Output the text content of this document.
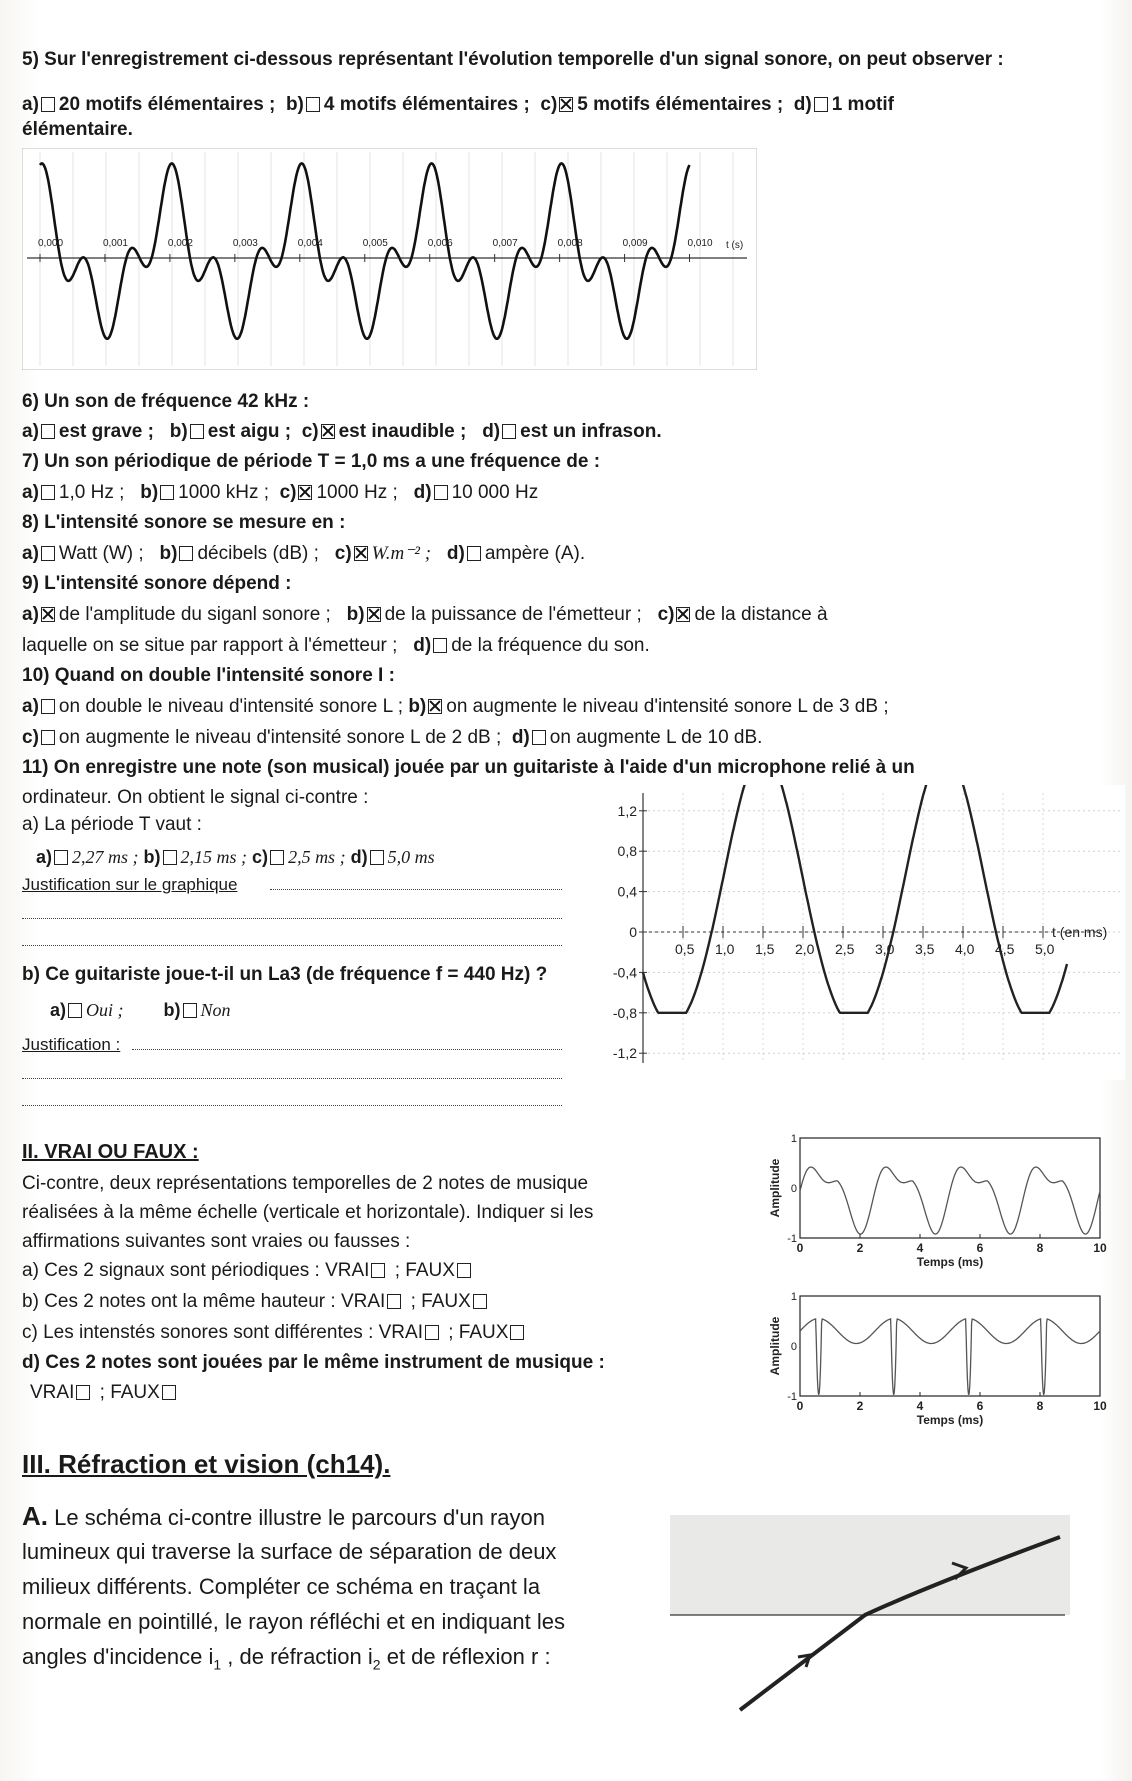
5) Sur l'enregistrement ci-dessous représentant l'évolution temporelle d'un signal sonore, on peut observer :
a) 20 motifs élémentaires ; b) 4 motifs élémentaires ; c) 5 motifs élémentaires ; d) 1 motif
élémentaire.
0,000	0,001	0,002	0,003	0,004	0,005	0,006	0,007	0,008	0,009	0,010 t (s)
6) Un son de fréquence 42 kHz :
a) est grave ; b) est aigu ; c) est inaudible ; d) est un infrason.
7) Un son périodique de période T = 1,0 ms a une fréquence de :
a) 1,0 Hz ; b) 1000 kHz ; c) 1000 Hz ; d) 10 000 Hz
8) L'intensité sonore se mesure en :
a) Watt (W) ; b) décibels (dB) ; c) W.m⁻² ; d) ampère (A).
9) L'intensité sonore dépend :
a) de l'amplitude du siganl sonore ; b) de la puissance de l'émetteur ; c) de la distance à
laquelle on se situe par rapport à l'émetteur ; d) de la fréquence du son.
10) Quand on double l'intensité sonore I :
a) on double le niveau d'intensité sonore L ; b) on augmente le niveau d'intensité sonore L de 3 dB ;
c) on augmente le niveau d'intensité sonore L de 2 dB ; d) on augmente L de 10 dB.
11) On enregistre une note (son musical) jouée par un guitariste à l'aide d'un microphone relié à un
ordinateur. On obtient le signal ci-contre :
a) La période T vaut :
a) 2,27 ms ; b) 2,15 ms ; c) 2,5 ms ; d) 5,0 ms
Justification sur le graphique
b) Ce guitariste joue-t-il un La3 (de fréquence f = 440 Hz) ?
a) Oui ; b) Non
Justification :
1,2
0,8
0,4
0
-0,4
-0,8
-1,2
0,5 1,0 1,5 2,0 2,5 3,0 3,5 4,0 4,5 5,0
t (en ms)
II. VRAI OU FAUX :
Ci-contre, deux représentations temporelles de 2 notes de musique
réalisées à la même échelle (verticale et horizontale). Indiquer si les
affirmations suivantes sont vraies ou fausses :
a) Ces 2 signaux sont périodiques : VRAI ; FAUX
b) Ces 2 notes ont la même hauteur : VRAI ; FAUX
c) Les intenstés sonores sont différentes : VRAI ; FAUX
d) Ces 2 notes sont jouées par le même instrument de musique :
VRAI ; FAUX
0	2	4	6	8	10
1
0
-1
Temps (ms)
Amplitude
0	2	4	6	8	10
1
0
-1
Temps (ms)
Amplitude
III. Réfraction et vision (ch14).
A. Le schéma ci-contre illustre le parcours d'un rayon
lumineux qui traverse la surface de séparation de deux
milieux différents. Compléter ce schéma en traçant la
normale en pointillé, le rayon réfléchi et en indiquant les
angles d'incidence $i_1$ , de réfraction $i_2$ et de réflexion r :
